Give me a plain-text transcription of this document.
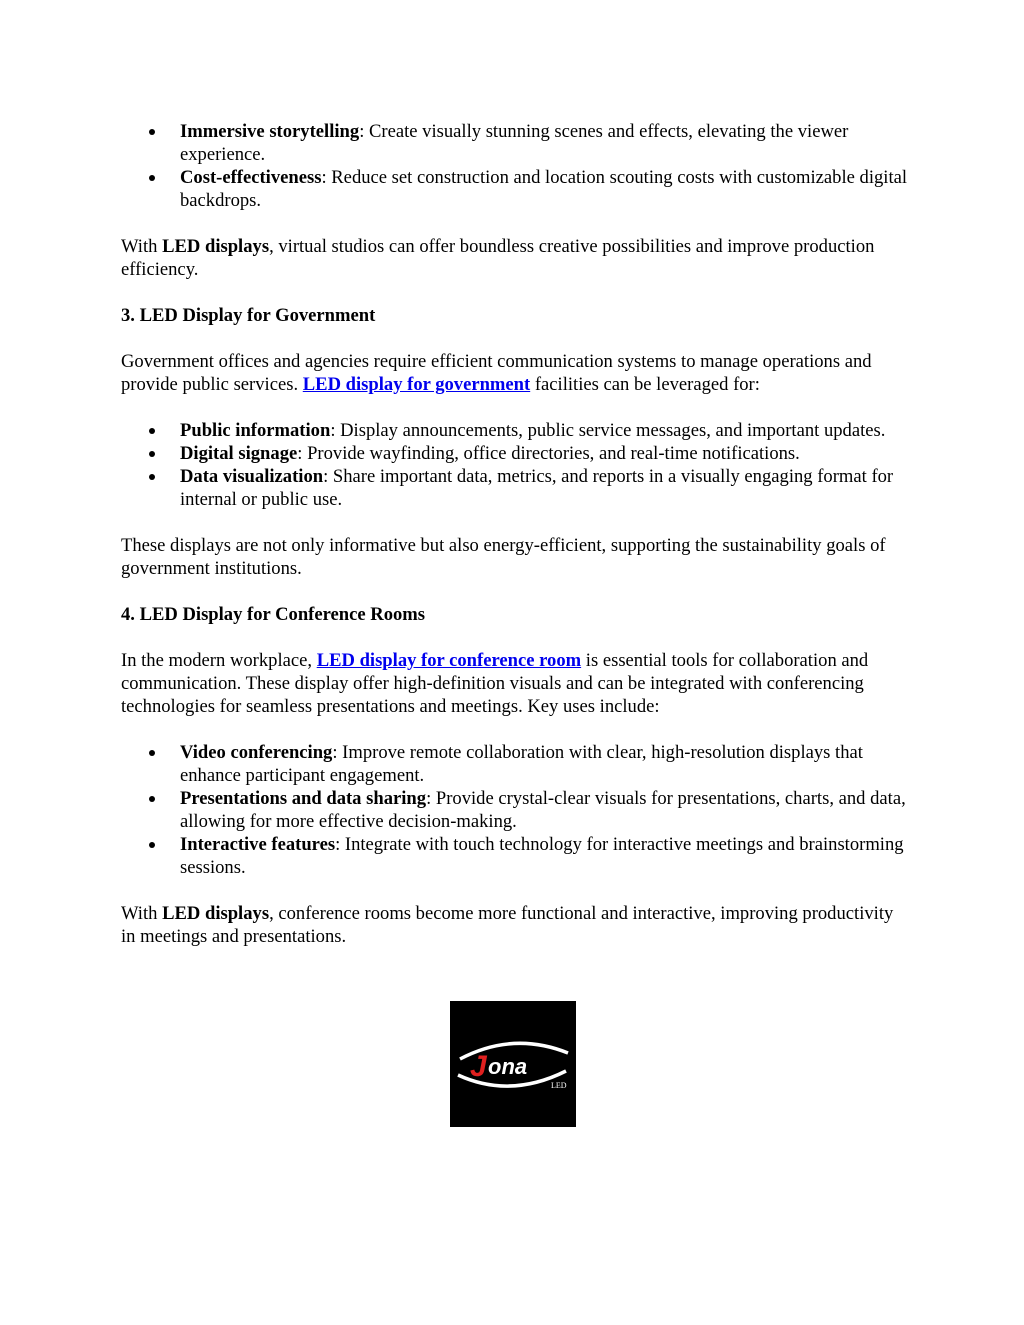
Immersive storytelling: Create visually stunning scenes and effects, elevating the viewer experience.
Cost-effectiveness: Reduce set construction and location scouting costs with customizable digital backdrops.

With LED displays, virtual studios can offer boundless creative possibilities and improve production efficiency.

3. LED Display for Government

Government offices and agencies require efficient communication systems to manage operations and provide public services. LED display for government facilities can be leveraged for:

Public information: Display announcements, public service messages, and important updates.
Digital signage: Provide wayfinding, office directories, and real-time notifications.
Data visualization: Share important data, metrics, and reports in a visually engaging format for internal or public use.

These displays are not only informative but also energy-efficient, supporting the sustainability goals of government institutions.

4. LED Display for Conference Rooms

In the modern workplace, LED display for conference room is essential tools for collaboration and communication. These display offer high-definition visuals and can be integrated with conferencing technologies for seamless presentations and meetings. Key uses include:

Video conferencing: Improve remote collaboration with clear, high-resolution displays that enhance participant engagement.
Presentations and data sharing: Provide crystal-clear visuals for presentations, charts, and data, allowing for more effective decision-making.
Interactive features: Integrate with touch technology for interactive meetings and brainstorming sessions.

With LED displays, conference rooms become more functional and interactive, improving productivity in meetings and presentations.

J ona
LED
